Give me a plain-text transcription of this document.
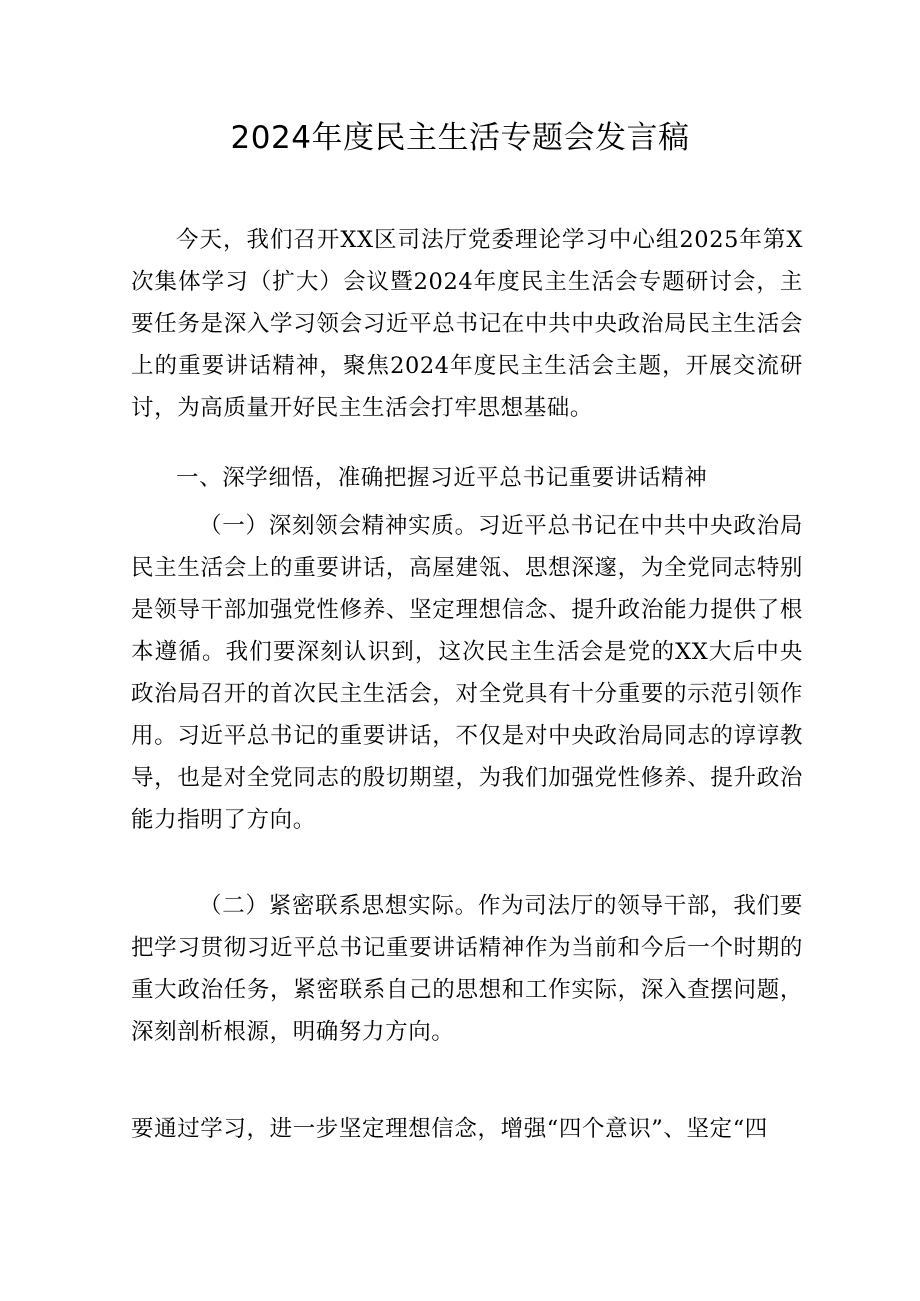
2024年度民主生活专题会发言稿

今天，我们召开XX区司法厅党委理论学习中心组2025年第X次集体学习（扩大）会议暨2024年度民主生活会专题研讨会，主要任务是深入学习领会习近平总书记在中共中央政治局民主生活会上的重要讲话精神，聚焦2024年度民主生活会主题，开展交流研讨，为高质量开好民主生活会打牢思想基础。

一、深学细悟，准确把握习近平总书记重要讲话精神

（一）深刻领会精神实质。习近平总书记在中共中央政治局民主生活会上的重要讲话，高屋建瓴、思想深邃，为全党同志特别是领导干部加强党性修养、坚定理想信念、提升政治能力提供了根本遵循。我们要深刻认识到，这次民主生活会是党的XX大后中央政治局召开的首次民主生活会，对全党具有十分重要的示范引领作用。习近平总书记的重要讲话，不仅是对中央政治局同志的谆谆教导，也是对全党同志的殷切期望，为我们加强党性修养、提升政治能力指明了方向。

（二）紧密联系思想实际。作为司法厅的领导干部，我们要把学习贯彻习近平总书记重要讲话精神作为当前和今后一个时期的重大政治任务，紧密联系自己的思想和工作实际，深入查摆问题，深刻剖析根源，明确努力方向。

要通过学习，进一步坚定理想信念，增强“四个意识”、坚定“四
